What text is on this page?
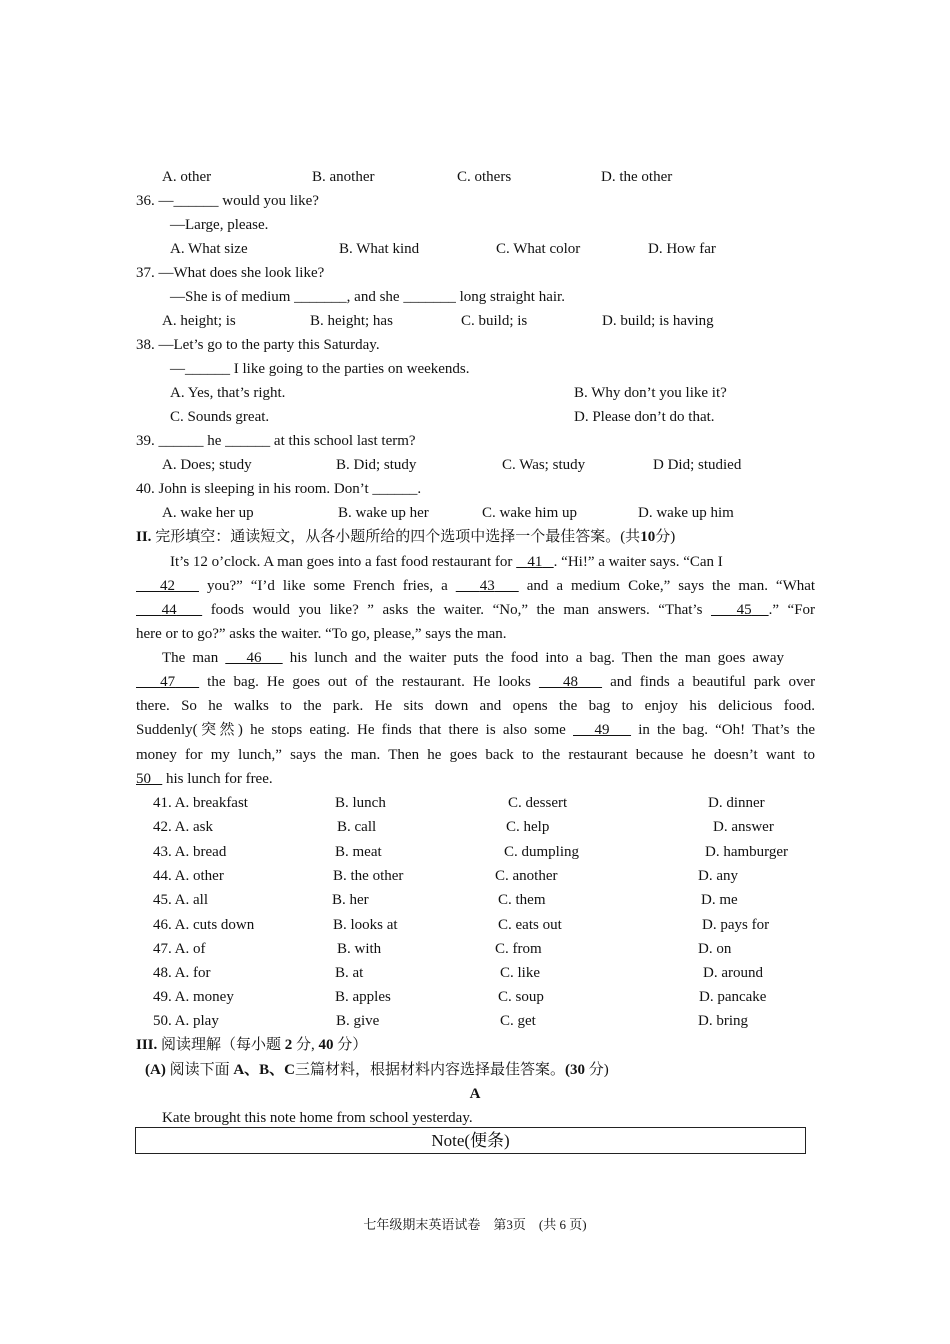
A. other	B. another	C. others	D. the other
36. —______ would you like?
—Large, please.
A. What size	B. What kind	C. What color	D. How far
37. —What does she look like?
—She is of medium _______, and she _______ long straight hair.
A. height; is	B. height; has	C. build; is	D. build; is having
38. —Let’s go to the party this Saturday.
—______ I like going to the parties on weekends.
A. Yes, that’s right.	B. Why don’t you like it?
C. Sounds great.	D. Please don’t do that.
39. ______ he ______ at this school last term?
A. Does; study	B. Did; study	C. Was; study	D Did; studied
40. John is sleeping in his room. Don’t ______.
A. wake her up	B. wake up her	C. wake him up	D. wake up him
II. 完形填空：通读短文，从各小题所给的四个选项中选择一个最佳答案。(共10分)
It’s 12 o’clock. A man goes into a fast food restaurant for 41 . “Hi!” a waiter says. “Can I
42 you?” “I’d like some French fries, a 43 and a medium Coke,” says the man. “What
44 foods would you like? ” asks the waiter. “No,” the man answers. “That’s 45 .” “For
here or to go?” asks the waiter. “To go, please,” says the man.
The man 46 his lunch and the waiter puts the food into a bag. Then the man goes away
47 the bag. He goes out of the restaurant. He looks 48 and finds a beautiful park over
there. So he walks to the park. He sits down and opens the bag to enjoy his delicious food.
Suddenly(突然) he stops eating. He finds that there is also some 49 in the bag. “Oh! That’s the
money for my lunch,” says the man. Then he goes back to the restaurant because he doesn’t want to
50 his lunch for free.
41. A. breakfast	B. lunch	C. dessert	D. dinner
42. A. ask	B. call	C. help	D. answer
43. A. bread	B. meat	C. dumpling	D. hamburger
44. A. other	B. the other	C. another	D. any
45. A. all	B. her	C. them	D. me
46. A. cuts down	B. looks at	C. eats out	D. pays for
47. A. of	B. with	C. from	D. on
48. A. for	B. at	C. like	D. around
49. A. money	B. apples	C. soup	D. pancake
50. A. play	B. give	C. get	D. bring
III. 阅读理解（每小题 2 分, 40 分）
(A) 阅读下面 A、B、C三篇材料，根据材料内容选择最佳答案。(30 分)
A
Kate brought this note home from school yesterday.
Note(便条)
七年级期末英语试卷　第3页　(共 6 页)
